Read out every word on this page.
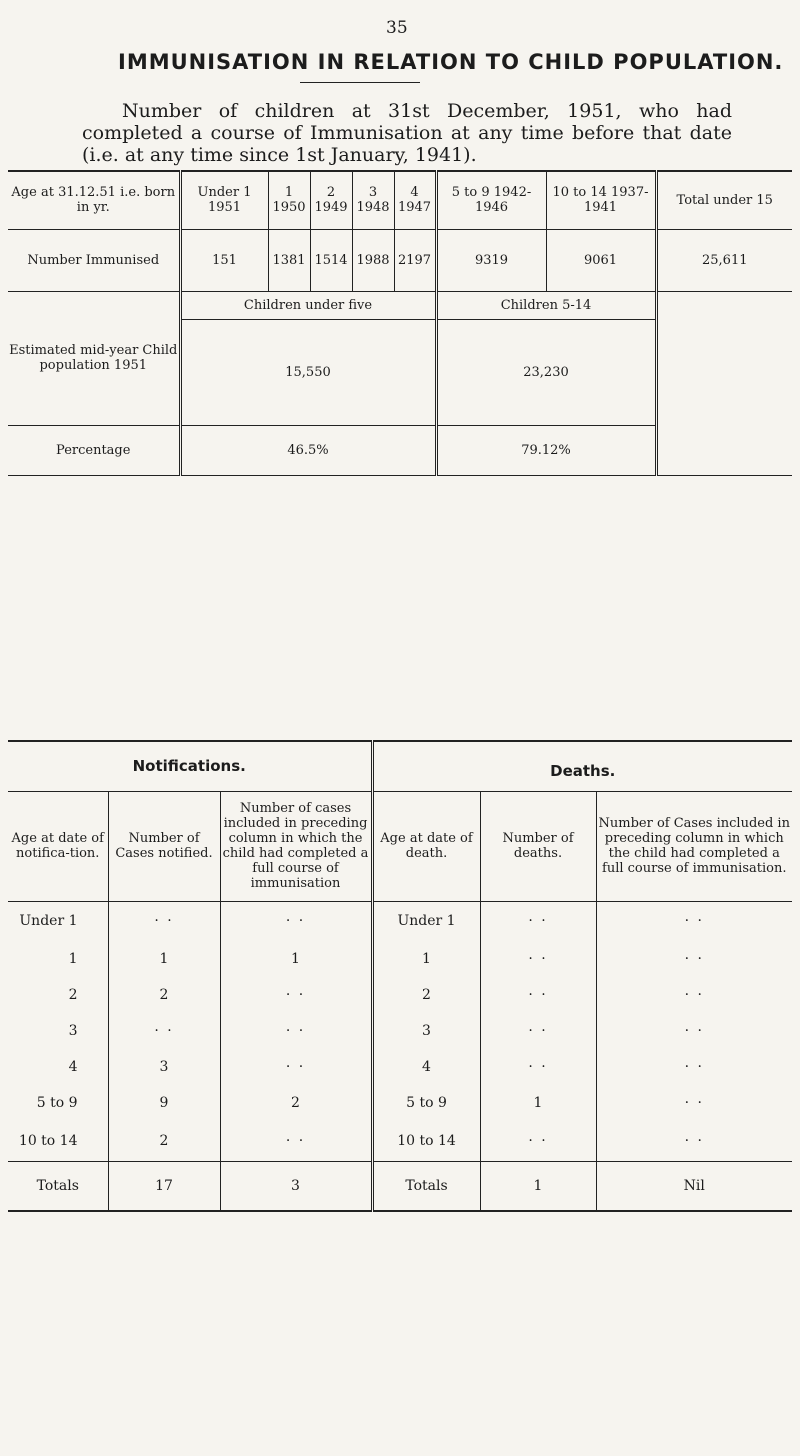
35
IMMUNISATION IN RELATION TO CHILD POPULATION.
Number of children at 31st December, 1951, who had completed a course of Immunisation at any time before that date (i.e. at any time since 1st January, 1941).
Age at 31.12.51 i.e. born in yr.	Under 1 1951	1 1950	2 1949	3 1948	4 1947	5 to 9 1942-1946	10 to 14 1937-1941	Total under 15
Number Immunised	151	1381	1514	1988	2197	9319	9061	25,611
Estimated mid-year Child population 1951	Children under five					Children 5-14		
	15,550					23,230		
Percentage	46.5%					79.12%		
Notifications.			Deaths.		
Age at date of notifica-tion.	Number of Cases notified.	Number of cases included in preceding column in which the child had completed a full course of immunisation	Age at date of death.	Number of deaths.	Number of Cases included in preceding column in which the child had completed a full course of immunisation.
Under 1	· ·	· ·	Under 1	· ·	· ·
1	1	1	1	· ·	· ·
2	2	· ·	2	· ·	· ·
3	· ·	· ·	3	· ·	· ·
4	3	· ·	4	· ·	· ·
5 to 9	9	2	5 to 9	1	· ·
10 to 14	2	· ·	10 to 14	· ·	· ·
Totals	17	3	Totals	1	Nil
